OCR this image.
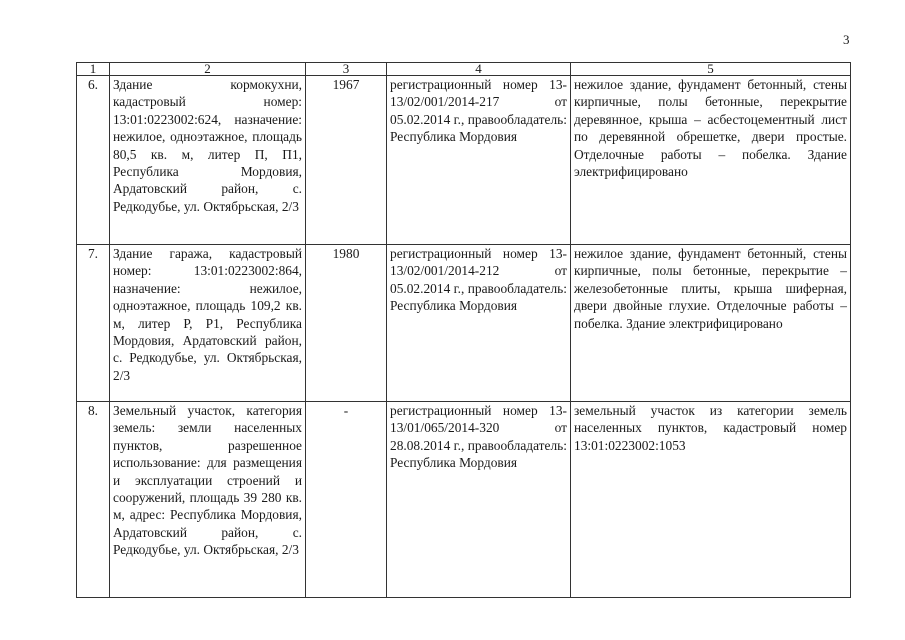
3
1	2	3	4	5
6.	Здание кормокухни, кадастровый номер: 13:01:0223002:624, назначение: нежилое, одноэтажное, площадь 80,5 кв. м, литер П, П1, Республика Мордовия, Ардатовский район, с. Редкодубье, ул. Октябрьская, 2/3	1967	регистрационный номер 13-13/02/001/2014-217 от 05.02.2014 г., правообладатель: Республика Мордовия	нежилое здание, фундамент бетонный, стены кирпичные, полы бетонные, перекрытие деревянное, крыша – асбестоцементный лист по деревянной обрешетке, двери простые. Отделочные работы – побелка. Здание электрифицировано
7.	Здание гаража, кадастровый номер: 13:01:0223002:864, назначение: нежилое, одноэтажное, площадь 109,2 кв. м, литер Р, Р1, Республика Мордовия, Ардатовский район, с. Редкодубье, ул. Октябрьская, 2/3	1980	регистрационный номер 13-13/02/001/2014-212 от 05.02.2014 г., правообладатель: Республика Мордовия	нежилое здание, фундамент бетонный, стены кирпичные, полы бетонные, перекрытие – железобетонные плиты, крыша шиферная, двери двойные глухие. Отделочные работы – побелка. Здание электрифицировано
8.	Земельный участок, категория земель: земли населенных пунктов, разрешенное использование: для размещения и эксплуатации строений и сооружений, площадь 39 280 кв. м, адрес: Республика Мордовия, Ардатовский район, с. Редкодубье, ул. Октябрьская, 2/3	-	регистрационный номер 13-13/01/065/2014-320 от 28.08.2014 г., правообладатель: Республика Мордовия	земельный участок из категории земель населенных пунктов, кадастровый номер 13:01:0223002:1053
